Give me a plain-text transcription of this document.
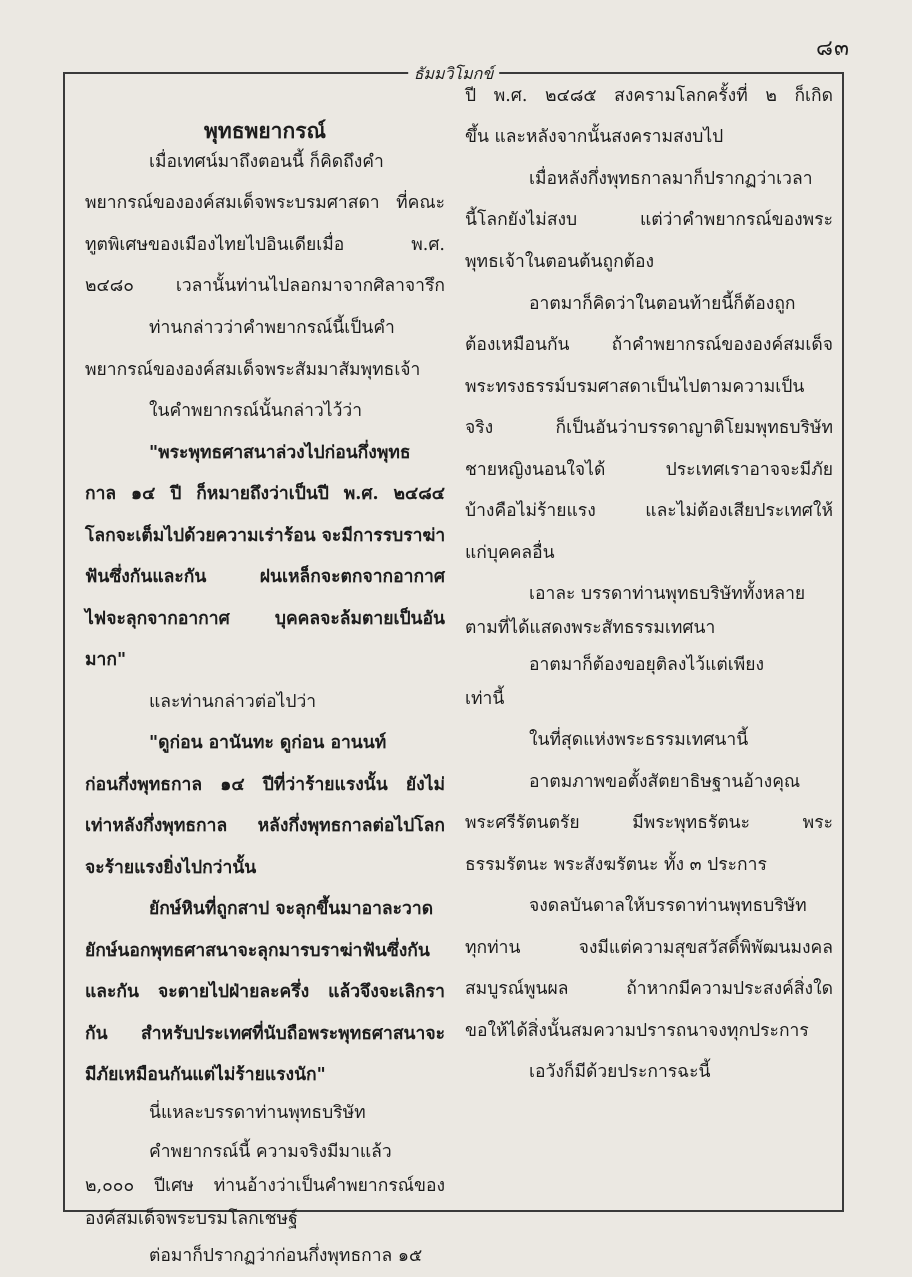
๘๓
ธัมมวิโมกข์
พุทธพยากรณ์
เมื่อเทศน์มาถึงตอนนี้ ก็คิดถึงคำ
พยากรณ์ขององค์สมเด็จพระบรมศาสดา ที่คณะ
ทูตพิเศษของเมืองไทยไปอินเดียเมื่อ พ.ศ.
๒๔๘๐ เวลานั้นท่านไปลอกมาจากศิลาจารึก
ท่านกล่าวว่าคำพยากรณ์นี้เป็นคำ
พยากรณ์ขององค์สมเด็จพระสัมมาสัมพุทธเจ้า
ในคำพยากรณ์นั้นกล่าวไว้ว่า
"พระพุทธศาสนาล่วงไปก่อนกึ่งพุทธ
กาล ๑๔ ปี ก็หมายถึงว่าเป็นปี พ.ศ. ๒๔๘๔
โลกจะเต็มไปด้วยความเร่าร้อน จะมีการรบราฆ่า
ฟันซึ่งกันและกัน ฝนเหล็กจะตกจากอากาศ
ไฟจะลุกจากอากาศ บุคคลจะล้มตายเป็นอัน
มาก"
และท่านกล่าวต่อไปว่า
"ดูก่อน อานันทะ ดูก่อน อานนท์
ก่อนกึ่งพุทธกาล ๑๔ ปีที่ว่าร้ายแรงนั้น ยังไม่
เท่าหลังกึ่งพุทธกาล หลังกึ่งพุทธกาลต่อไปโลก
จะร้ายแรงยิ่งไปกว่านั้น
ยักษ์หินที่ถูกสาป จะลุกขึ้นมาอาละวาด
ยักษ์นอกพุทธศาสนาจะลุกมารบราฆ่าฟันซึ่งกัน
และกัน จะตายไปฝ่ายละครึ่ง แล้วจึงจะเลิกรา
กัน สำหรับประเทศที่นับถือพระพุทธศาสนาจะ
มีภัยเหมือนกันแต่ไม่ร้ายแรงนัก"
นี่แหละบรรดาท่านพุทธบริษัท
คำพยากรณ์นี้ ความจริงมีมาแล้ว
๒,๐๐๐ ปีเศษ ท่านอ้างว่าเป็นคำพยากรณ์ของ
องค์สมเด็จพระบรมโลกเชษฐ์
ปี พ.ศ. ๒๔๘๕ สงครามโลกครั้งที่ ๒ ก็เกิด
ขึ้น และหลังจากนั้นสงครามสงบไป
เมื่อหลังกึ่งพุทธกาลมาก็ปรากฏว่าเวลา
นี้โลกยังไม่สงบ แต่ว่าคำพยากรณ์ของพระ
พุทธเจ้าในตอนต้นถูกต้อง
อาตมาก็คิดว่าในตอนท้ายนี้ก็ต้องถูก
ต้องเหมือนกัน ถ้าคำพยากรณ์ขององค์สมเด็จ
พระทรงธรรม์บรมศาสดาเป็นไปตามความเป็น
จริง ก็เป็นอันว่าบรรดาญาติโยมพุทธบริษัท
ชายหญิงนอนใจได้ ประเทศเราอาจจะมีภัย
บ้างคือไม่ร้ายแรง และไม่ต้องเสียประเทศให้
แก่บุคคลอื่น
เอาละ บรรดาท่านพุทธบริษัททั้งหลาย
ตามที่ได้แสดงพระสัทธรรมเทศนา
อาตมาก็ต้องขอยุติลงไว้แต่เพียง
เท่านี้
ในที่สุดแห่งพระธรรมเทศนานี้
อาตมภาพขอตั้งสัตยาธิษฐานอ้างคุณ
พระศรีรัตนตรัย มีพระพุทธรัตนะ พระ
ธรรมรัตนะ พระสังฆรัตนะ ทั้ง ๓ ประการ
จงดลบันดาลให้บรรดาท่านพุทธบริษัท
ทุกท่าน จงมีแต่ความสุขสวัสดิ์พิพัฒนมงคล
สมบูรณ์พูนผล ถ้าหากมีความประสงค์สิ่งใด
ขอให้ได้สิ่งนั้นสมความปรารถนาจงทุกประการ
เอวังก็มีด้วยประการฉะนี้
ต่อมาก็ปรากฏว่าก่อนกึ่งพุทธกาล ๑๕
